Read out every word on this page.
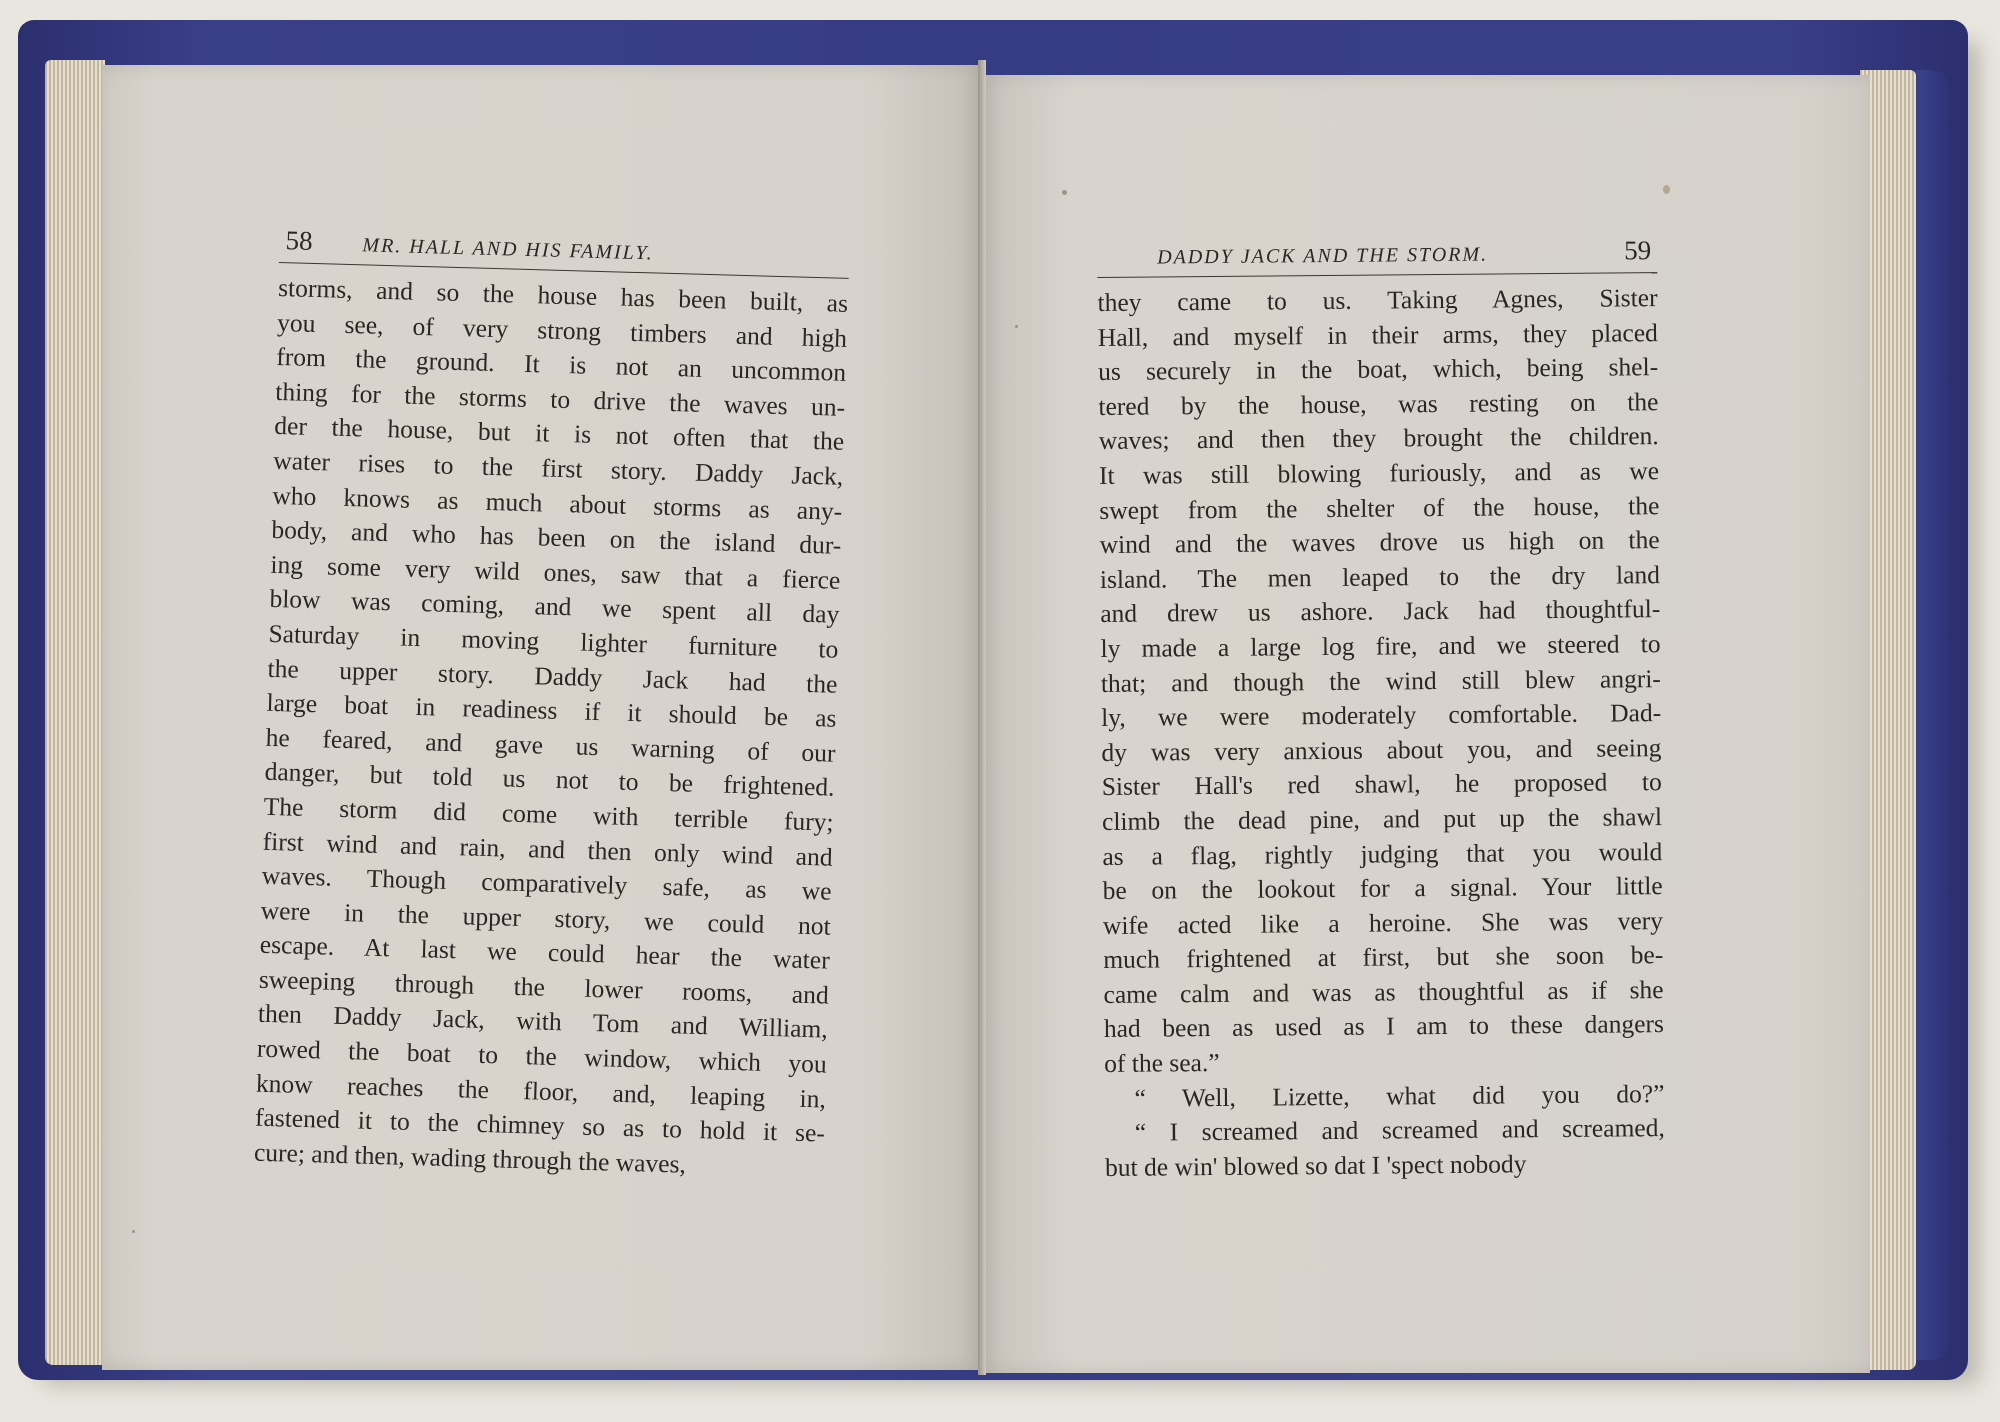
58 MR. HALL AND HIS FAMILY.
storms, and so the house has been built, as
you see, of very strong timbers and high
from the ground. It is not an uncommon
thing for the storms to drive the waves un-
der the house, but it is not often that the
water rises to the first story. Daddy Jack,
who knows as much about storms as any-
body, and who has been on the island dur-
ing some very wild ones, saw that a fierce
blow was coming, and we spent all day
Saturday in moving lighter furniture to
the upper story. Daddy Jack had the
large boat in readiness if it should be as
he feared, and gave us warning of our
danger, but told us not to be frightened.
The storm did come with terrible fury;
first wind and rain, and then only wind and
waves. Though comparatively safe, as we
were in the upper story, we could not
escape. At last we could hear the water
sweeping through the lower rooms, and
then Daddy Jack, with Tom and William,
rowed the boat to the window, which you
know reaches the floor, and, leaping in,
fastened it to the chimney so as to hold it se-
cure; and then, wading through the waves,
DADDY JACK AND THE STORM.	59
they came to us. Taking Agnes, Sister
Hall, and myself in their arms, they placed
us securely in the boat, which, being shel-
tered by the house, was resting on the
waves; and then they brought the children.
It was still blowing furiously, and as we
swept from the shelter of the house, the
wind and the waves drove us high on the
island. The men leaped to the dry land
and drew us ashore. Jack had thoughtful-
ly made a large log fire, and we steered to
that; and though the wind still blew angri-
ly, we were moderately comfortable. Dad-
dy was very anxious about you, and seeing
Sister Hall's red shawl, he proposed to
climb the dead pine, and put up the shawl
as a flag, rightly judging that you would
be on the lookout for a signal. Your little
wife acted like a heroine. She was very
much frightened at first, but she soon be-
came calm and was as thoughtful as if she
had been as used as I am to these dangers
of the sea.”
“ Well, Lizette, what did you do?”
“ I screamed and screamed and screamed,
but de win' blowed so dat I 'spect nobody
